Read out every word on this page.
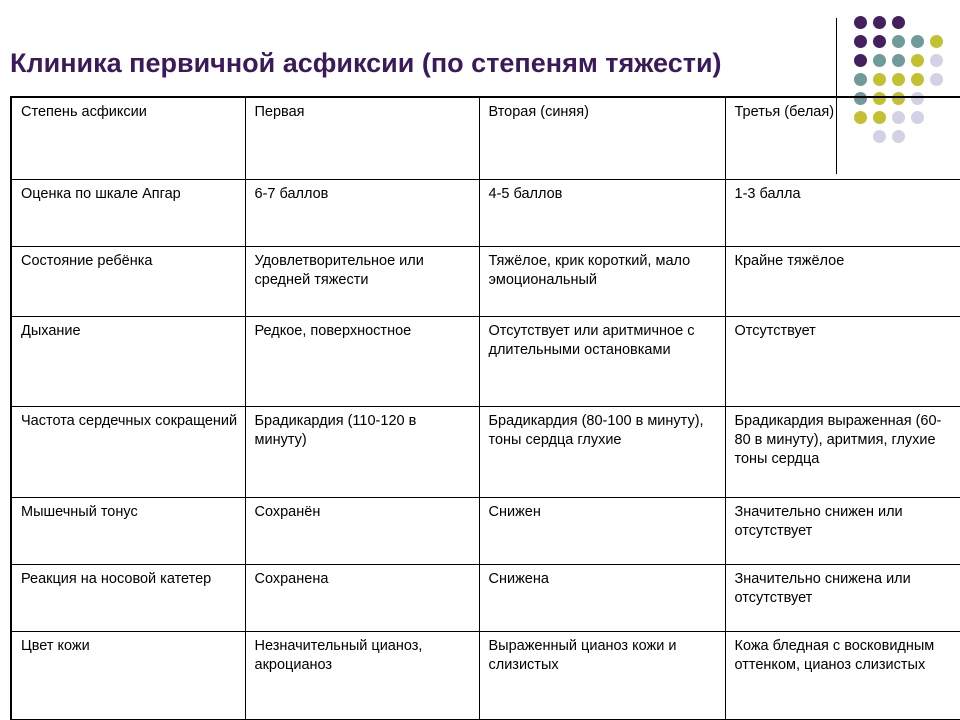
Клиника первичной асфиксии (по степеням тяжести)
Степень асфиксии	Первая	Вторая (синяя)	Третья (белая)
Оценка по шкале Апгар	6-7 баллов	4-5 баллов	1-3 балла
Состояние ребёнка	Удовлетворительное или средней тяжести	Тяжёлое, крик короткий, мало эмоциональный	Крайне тяжёлое
Дыхание	Редкое, поверхностное	Отсутствует или аритмичное с длительными остановками	Отсутствует
Частота сердечных сокращений	Брадикардия (110-120 в минуту)	Брадикардия (80-100 в минуту), тоны сердца глухие	Брадикардия выраженная (60-80 в минуту), аритмия, глухие тоны сердца
Мышечный тонус	Сохранён	Снижен	Значительно снижен или отсутствует
Реакция на носовой катетер	Сохранена	Снижена	Значительно снижена или отсутствует
Цвет кожи	Незначительный цианоз, акроцианоз	Выраженный цианоз кожи и слизистых	Кожа бледная с восковидным оттенком, цианоз слизистых
